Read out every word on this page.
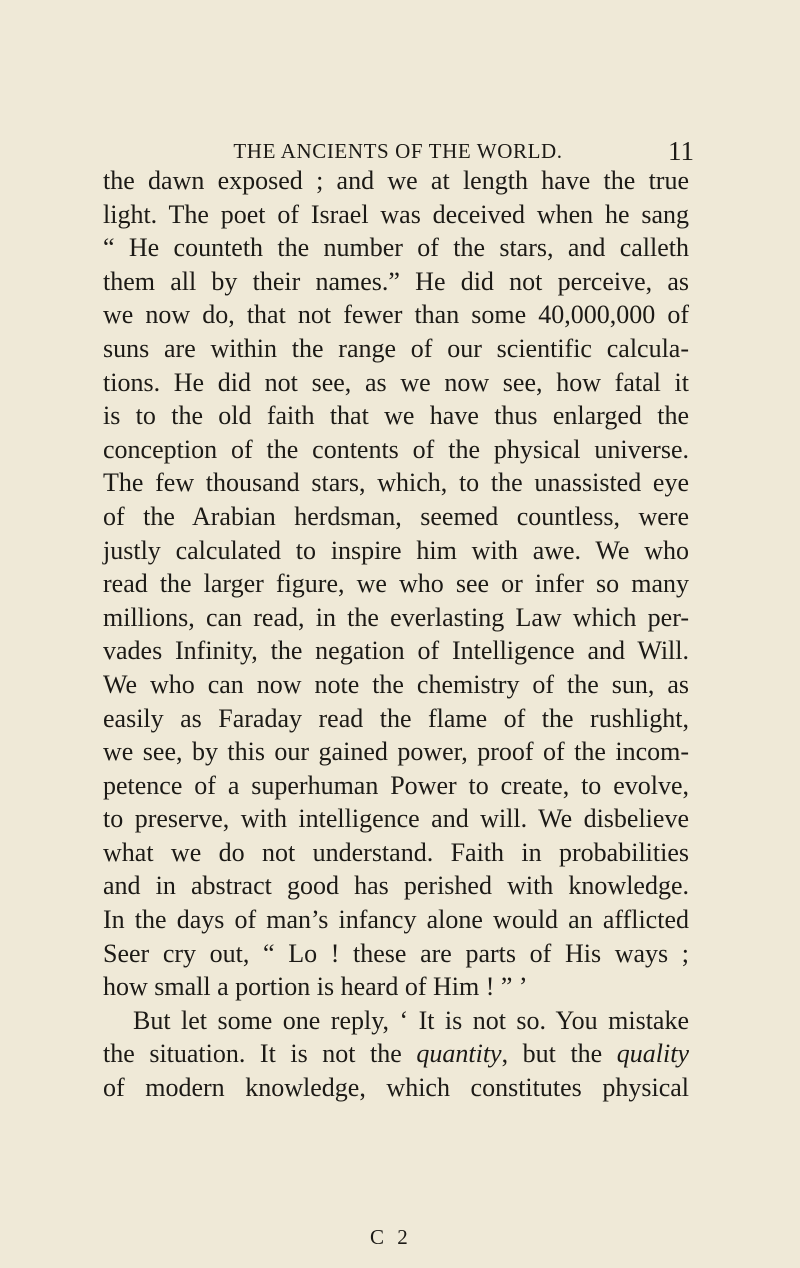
THE ANCIENTS OF THE WORLD.	11
the dawn exposed ; and we at length have the true
light. The poet of Israel was deceived when he sang
“ He counteth the number of the stars, and calleth
them all by their names.” He did not perceive, as
we now do, that not fewer than some 40,000,000 of
suns are within the range of our scientific calcula-
tions. He did not see, as we now see, how fatal it
is to the old faith that we have thus enlarged the
conception of the contents of the physical universe.
The few thousand stars, which, to the unassisted eye
of the Arabian herdsman, seemed countless, were
justly calculated to inspire him with awe. We who
read the larger figure, we who see or infer so many
millions, can read, in the everlasting Law which per-
vades Infinity, the negation of Intelligence and Will.
We who can now note the chemistry of the sun, as
easily as Faraday read the flame of the rushlight,
we see, by this our gained power, proof of the incom-
petence of a superhuman Power to create, to evolve,
to preserve, with intelligence and will. We disbelieve
what we do not understand. Faith in probabilities
and in abstract good has perished with knowledge.
In the days of man’s infancy alone would an afflicted
Seer cry out, “ Lo ! these are parts of His ways ;
how small a portion is heard of Him ! ” ’
But let some one reply, ‘ It is not so. You mistake
the situation. It is not the quantity, but the quality
of modern knowledge, which constitutes physical
C 2
